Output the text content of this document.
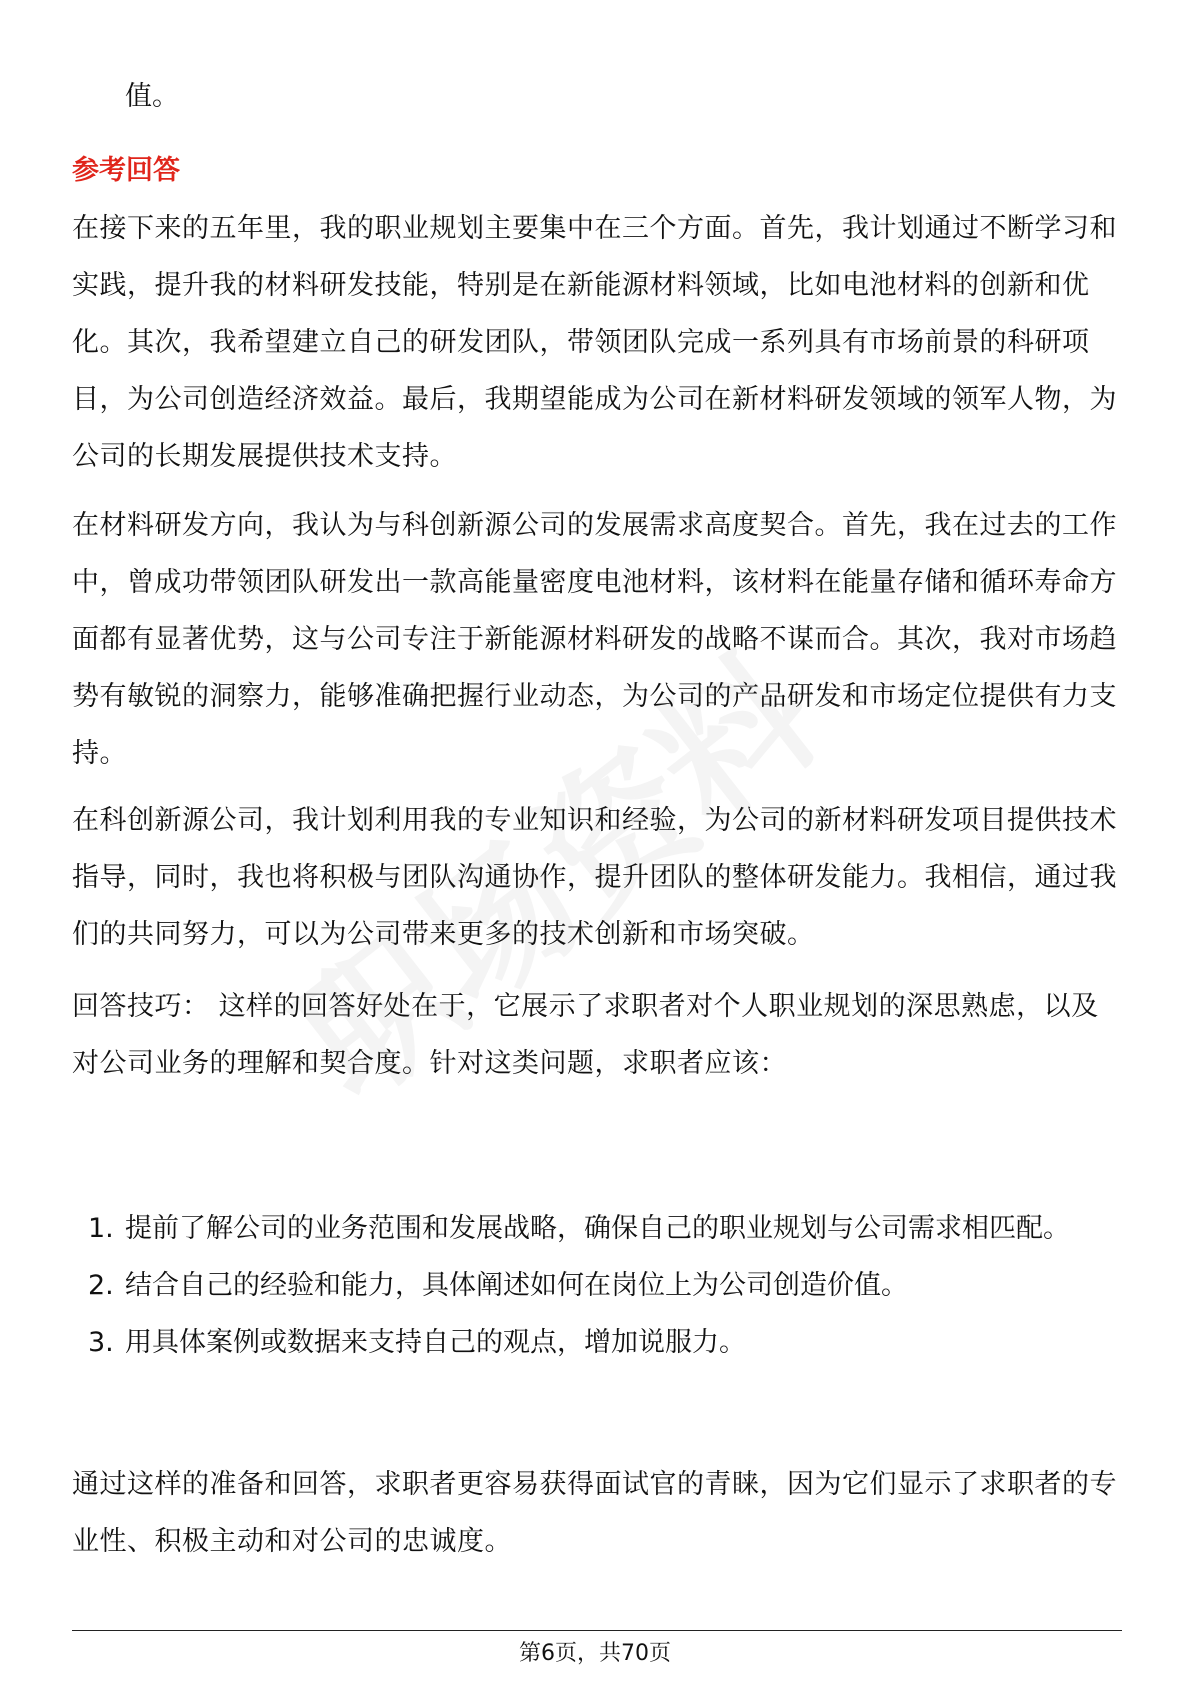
值。
参考回答

在接下来的五年里，我的职业规划主要集中在三个方面。首先，我计划通过不断学习和实践，提升我的材料研发技能，特别是在新能源材料领域，比如电池材料的创新和优化。其次，我希望建立自己的研发团队，带领团队完成一系列具有市场前景的科研项目，为公司创造经济效益。最后，我期望能成为公司在新材料研发领域的领军人物，为公司的长期发展提供技术支持。

在材料研发方向，我认为与科创新源公司的发展需求高度契合。首先，我在过去的工作中，曾成功带领团队研发出一款高能量密度电池材料，该材料在能量存储和循环寿命方面都有显著优势，这与公司专注于新能源材料研发的战略不谋而合。其次，我对市场趋势有敏锐的洞察力，能够准确把握行业动态，为公司的产品研发和市场定位提供有力支持。

在科创新源公司，我计划利用我的专业知识和经验，为公司的新材料研发项目提供技术指导，同时，我也将积极与团队沟通协作，提升团队的整体研发能力。我相信，通过我们的共同努力，可以为公司带来更多的技术创新和市场突破。

回答技巧： 这样的回答好处在于，它展示了求职者对个人职业规划的深思熟虑，以及对公司业务的理解和契合度。针对这类问题，求职者应该：

1. 提前了解公司的业务范围和发展战略，确保自己的职业规划与公司需求相匹配。
2. 结合自己的经验和能力，具体阐述如何在岗位上为公司创造价值。
3. 用具体案例或数据来支持自己的观点，增加说服力。

通过这样的准备和回答，求职者更容易获得面试官的青睐，因为它们显示了求职者的专业性、积极主动和对公司的忠诚度。

第6页，共70页
